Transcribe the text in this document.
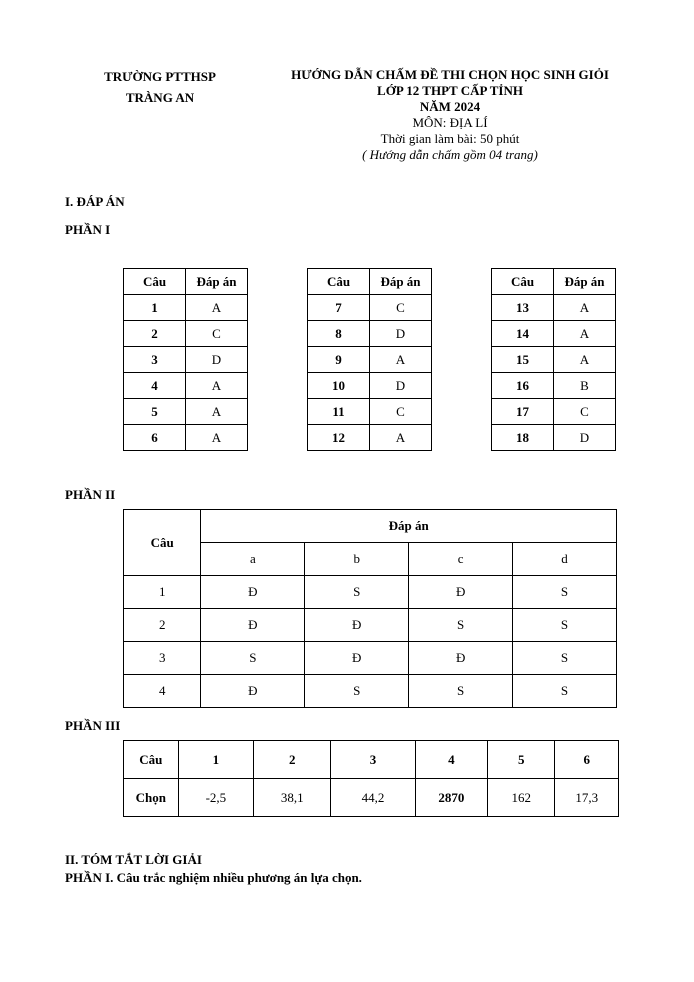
TRƯỜNG PTTHSP
TRÀNG AN
HƯỚNG DẪN CHẤM ĐỀ THI CHỌN HỌC SINH GIỎI
LỚP 12 THPT CẤP TỈNH
NĂM 2024
MÔN: ĐỊA LÍ
Thời gian làm bài: 50 phút
( Hướng dẫn chấm gồm 04 trang)
I. ĐÁP ÁN
PHẦN I
Câu	Đáp án
1	A
2	C
3	D
4	A
5	A
6	A
Câu	Đáp án
7	C
8	D
9	A
10	D
11	C
12	A
Câu	Đáp án
13	A
14	A
15	A
16	B
17	C
18	D
PHẦN II
Câu	Đáp án			
	a	b	c	d
1	Đ	S	Đ	S
2	Đ	Đ	S	S
3	S	Đ	Đ	S
4	Đ	S	S	S
PHẦN III
Câu	1	2	3	4	5	6
Chọn	-2,5	38,1	44,2	2870	162	17,3
II. TÓM TẮT LỜI GIẢI
PHẦN I. Câu trắc nghiệm nhiều phương án lựa chọn.
